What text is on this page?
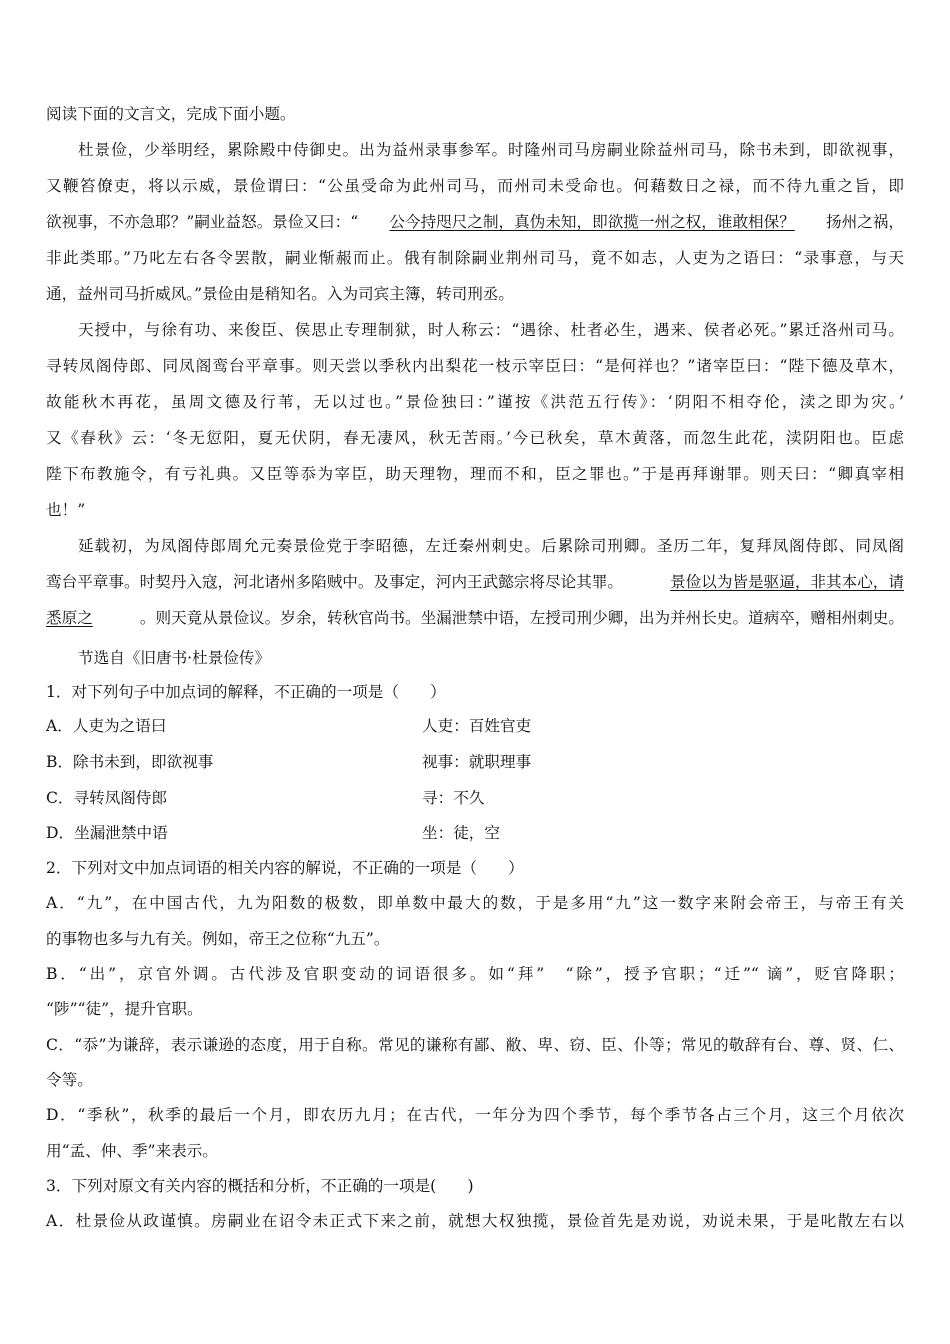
阅读下面的文言文，完成下面小题。
杜景俭，少举明经，累除殿中侍御史。出为益州录事参军。时隆州司马房嗣业除益州司马，除书未到，即欲视事，
又鞭笞僚吏，将以示威，景俭谓曰：“公虽受命为此州司马，而州司未受命也。何藉数日之禄，而不待九重之旨，即
欲视事，不亦急耶？”嗣业益怒。景俭又曰：“ 公今持咫尺之制，真伪未知，即欲揽一州之权，谁敢相保？ 扬州之祸，
非此类耶。”乃叱左右各令罢散，嗣业惭赧而止。俄有制除嗣业荆州司马，竟不如志，人吏为之语曰：“录事意，与天
通，益州司马折威风。”景俭由是稍知名。入为司宾主簿，转司刑丞。
天授中，与徐有功、来俊臣、侯思止专理制狱，时人称云：“遇徐、杜者必生，遇来、侯者必死。”累迁洛州司马。
寻转凤阁侍郎、同凤阁鸾台平章事。则天尝以季秋内出梨花一枝示宰臣曰：“是何祥也？”诸宰臣曰：“陛下德及草木，
故能秋木再花，虽周文德及行苇，无以过也。”景俭独曰：”谨按《洪范五行传》：‘阴阳不相夺伦，渎之即为灾。’
又《春秋》云：‘冬无愆阳，夏无伏阴，春无凄风，秋无苦雨。’今已秋矣，草木黄落，而忽生此花，渎阴阳也。臣虑
陛下布教施令，有亏礼典。又臣等忝为宰臣，助天理物，理而不和，臣之罪也。”于是再拜谢罪。则天曰：“卿真宰相
也！”
延载初，为凤阁侍郎周允元奏景俭党于李昭德，左迁秦州刺史。后累除司刑卿。圣历二年，复拜凤阁侍郎、同凤阁
鸾台平章事。时契丹入寇，河北诸州多陷贼中。及事定，河内王武懿宗将尽论其罪。	景俭以为皆是驱逼，非其本心，请
悉原之	。则天竟从景俭议。岁余，转秋官尚书。坐漏泄禁中语，左授司刑少卿，出为并州长史。道病卒，赠相州刺史。
节选自《旧唐书·杜景俭传》
1．对下列句子中加点词的解释，不正确的一项是（　　）
A．人吏为之语曰	人吏：百姓官吏
B．除书未到，即欲视事	视事：就职理事
C．寻转凤阁侍郎	寻：不久
D．坐漏泄禁中语	坐：徒，空
2．下列对文中加点词语的相关内容的解说，不正确的一项是（　　）
A．“九”，在中国古代，九为阳数的极数，即单数中最大的数，于是多用“九”这一数字来附会帝王，与帝王有关
的事物也多与九有关。例如，帝王之位称“九五”。
B．“出”，京官外调。古代涉及官职变动的词语很多。如“拜”　“除”，授予官职；“迁”“ 谪”，贬官降职；
“陟”“徒”，提升官职。
C．“忝”为谦辞，表示谦逊的态度，用于自称。常见的谦称有鄙、敝、卑、窃、臣、仆等；常见的敬辞有台、尊、贤、仁、
令等。
D．“季秋”，秋季的最后一个月，即农历九月；在古代，一年分为四个季节，每个季节各占三个月，这三个月依次
用“孟、仲、季”来表示。
3．下列对原文有关内容的概括和分析，不正确的一项是(　　)
A．杜景俭从政谨慎。房嗣业在诏令未正式下来之前，就想大权独揽，景俭首先是劝说，劝说未果，于是叱散左右以
